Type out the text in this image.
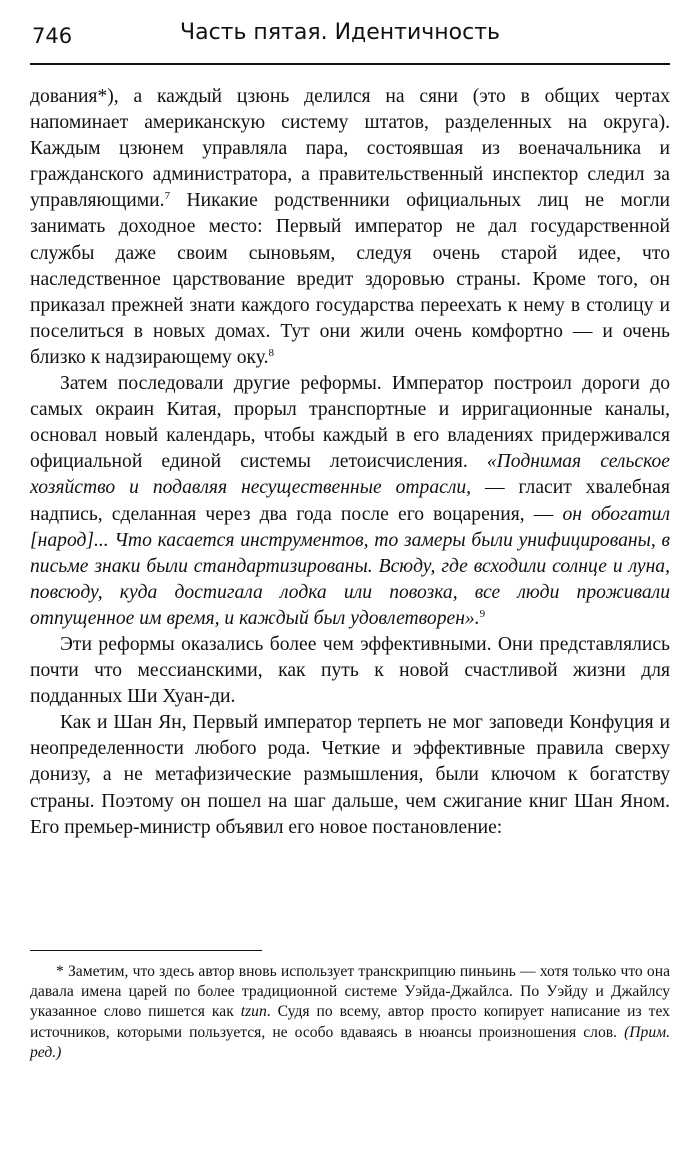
746	Часть пятая. Идентичность

дования*), а каждый цзюнь делился на сяни (это в общих чертах напоминает американскую систему штатов, разделенных на округа). Каждым цзюнем управляла пара, состоявшая из военачальника и гражданского администратора, а правительственный инспектор следил за управляющими.$^7$ Никакие родственники официальных лиц не могли занимать доходное место: Первый император не дал государственной службы даже своим сыновьям, следуя очень старой идее, что наследственное царствование вредит здоровью страны. Кроме того, он приказал прежней знати каждого государства переехать к нему в столицу и поселиться в новых домах. Тут они жили очень комфортно — и очень близко к надзирающему оку.$^8$

Затем последовали другие реформы. Император построил дороги до самых окраин Китая, прорыл транспортные и ирригационные каналы, основал новый календарь, чтобы каждый в его владениях придерживался официальной единой системы летоисчисления. «Поднимая сельское хозяйство и подавляя несущественные отрасли, — гласит хвалебная надпись, сделанная через два года после его воцарения, — он обогатил [народ]... Что касается инструментов, то замеры были унифицированы, в письме знаки были стандартизированы. Всюду, где всходили солнце и луна, повсюду, куда достигала лодка или повозка, все люди проживали отпущенное им время, и каждый был удовлетворен».$^9$

Эти реформы оказались более чем эффективными. Они представлялись почти что мессианскими, как путь к новой счастливой жизни для подданных Ши Хуан-ди.

Как и Шан Ян, Первый император терпеть не мог заповеди Конфуция и неопределенности любого рода. Четкие и эффективные правила сверху донизу, а не метафизические размышления, были ключом к богатству страны. Поэтому он пошел на шаг дальше, чем сжигание книг Шан Яном. Его премьер-министр объявил его новое постановление:

* Заметим, что здесь автор вновь использует транскрипцию пиньинь — хотя только что она давала имена царей по более традиционной системе Уэйда-Джайлса. По Уэйду и Джайлсу указанное слово пишется как tzun. Судя по всему, автор просто копирует написание из тех источников, которыми пользуется, не особо вдаваясь в нюансы произношения слов. (Прим. ред.)
